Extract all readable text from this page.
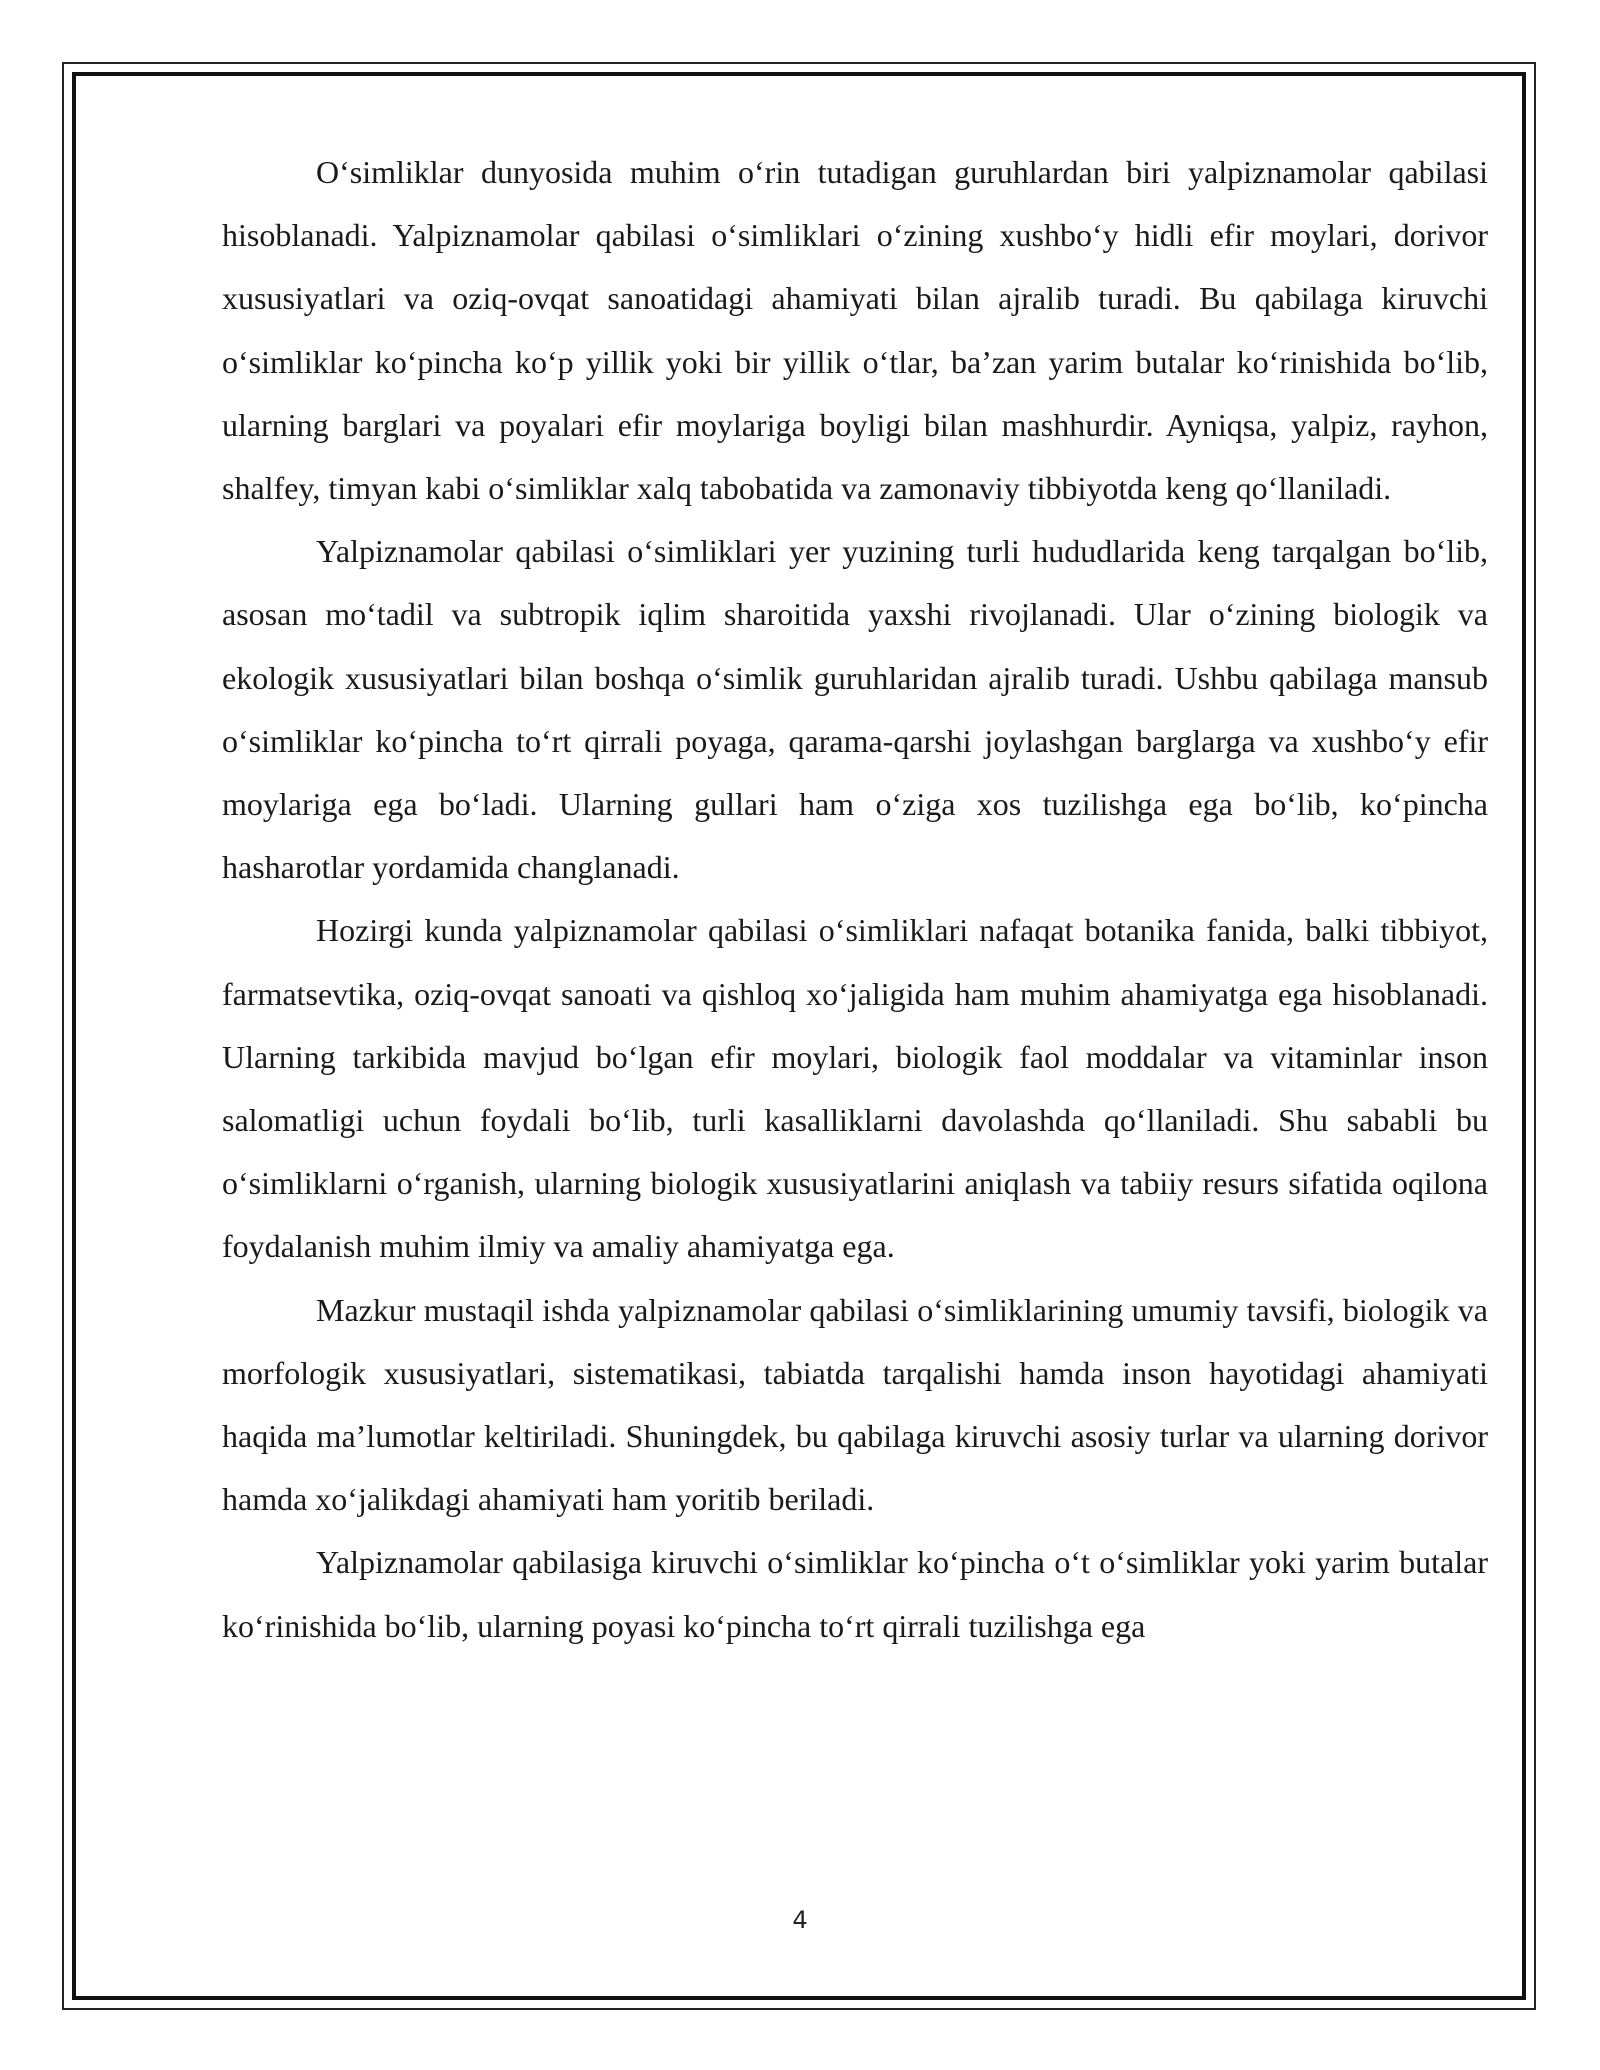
O‘simliklar dunyosida muhim o‘rin tutadigan guruhlardan biri yalpiznamolar qabilasi hisoblanadi. Yalpiznamolar qabilasi o‘simliklari o‘zining xushbo‘y hidli efir moylari, dorivor xususiyatlari va oziq-ovqat sanoatidagi ahamiyati bilan ajralib turadi. Bu qabilaga kiruvchi o‘simliklar ko‘pincha ko‘p yillik yoki bir yillik o‘tlar, ba’zan yarim butalar ko‘rinishida bo‘lib, ularning barglari va poyalari efir moylariga boyligi bilan mashhurdir. Ayniqsa, yalpiz, rayhon, shalfey, timyan kabi o‘simliklar xalq tabobatida va zamonaviy tibbiyotda keng qo‘llaniladi.

Yalpiznamolar qabilasi o‘simliklari yer yuzining turli hududlarida keng tarqalgan bo‘lib, asosan mo‘tadil va subtropik iqlim sharoitida yaxshi rivojlanadi. Ular o‘zining biologik va ekologik xususiyatlari bilan boshqa o‘simlik guruhlaridan ajralib turadi. Ushbu qabilaga mansub o‘simliklar ko‘pincha to‘rt qirrali poyaga, qarama-qarshi joylashgan barglarga va xushbo‘y efir moylariga ega bo‘ladi. Ularning gullari ham o‘ziga xos tuzilishga ega bo‘lib, ko‘pincha hasharotlar yordamida changlanadi.

Hozirgi kunda yalpiznamolar qabilasi o‘simliklari nafaqat botanika fanida, balki tibbiyot, farmatsevtika, oziq-ovqat sanoati va qishloq xo‘jaligida ham muhim ahamiyatga ega hisoblanadi. Ularning tarkibida mavjud bo‘lgan efir moylari, biologik faol moddalar va vitaminlar inson salomatligi uchun foydali bo‘lib, turli kasalliklarni davolashda qo‘llaniladi. Shu sababli bu o‘simliklarni o‘rganish, ularning biologik xususiyatlarini aniqlash va tabiiy resurs sifatida oqilona foydalanish muhim ilmiy va amaliy ahamiyatga ega.

Mazkur mustaqil ishda yalpiznamolar qabilasi o‘simliklarining umumiy tavsifi, biologik va morfologik xususiyatlari, sistematikasi, tabiatda tarqalishi hamda inson hayotidagi ahamiyati haqida ma’lumotlar keltiriladi. Shuningdek, bu qabilaga kiruvchi asosiy turlar va ularning dorivor hamda xo‘jalikdagi ahamiyati ham yoritib beriladi.

Yalpiznamolar qabilasiga kiruvchi o‘simliklar ko‘pincha o‘t o‘simliklar yoki yarim butalar ko‘rinishida bo‘lib, ularning poyasi ko‘pincha to‘rt qirrali tuzilishga ega

4
